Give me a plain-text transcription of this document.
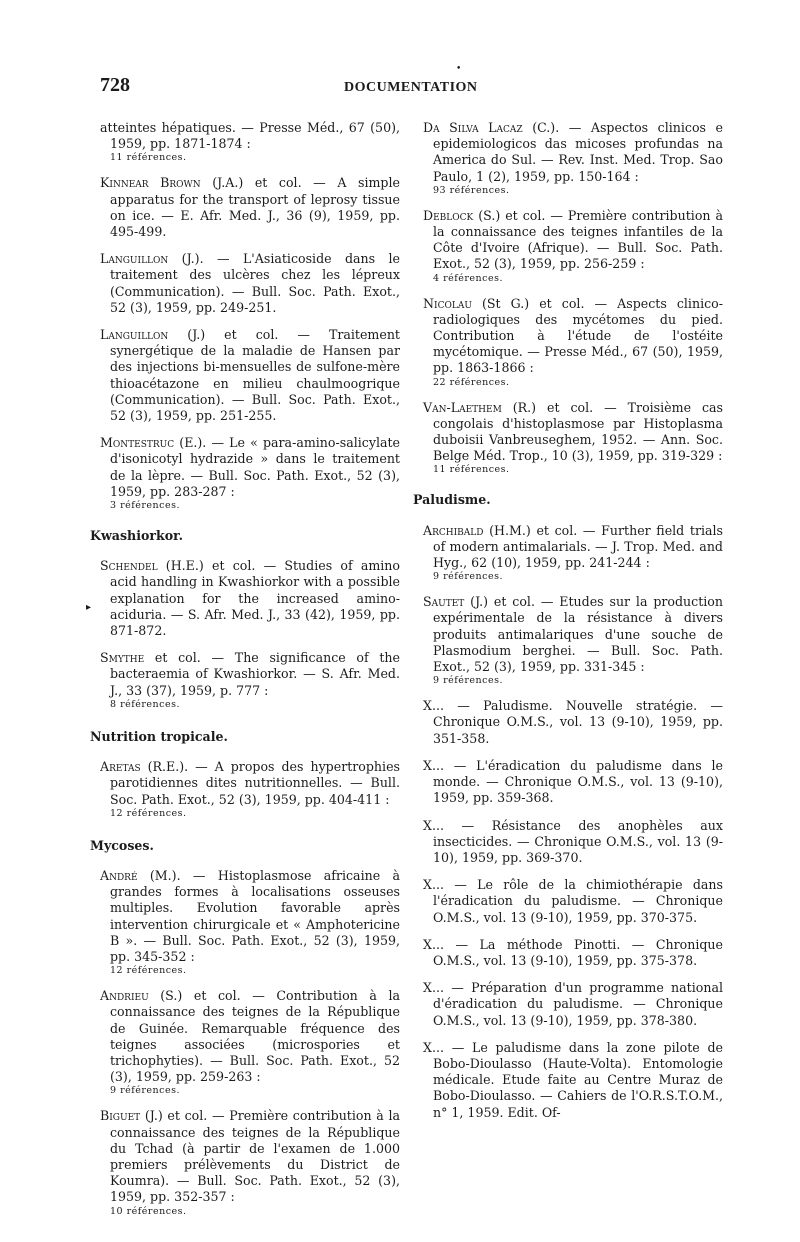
728	DOCUMENTATION
•
▸

atteintes hépatiques. — Presse Méd., 67 (50), 1959, pp. 1871-1874 :
11 références.

Kinnear Brown (J.A.) et col. — A simple apparatus for the transport of leprosy tissue on ice. — E. Afr. Med. J., 36 (9), 1959, pp. 495-499.

Languillon (J.). — L'Asiaticoside dans le traitement des ulcères chez les lépreux (Communication). — Bull. Soc. Path. Exot., 52 (3), 1959, pp. 249-251.

Languillon (J.) et col. — Traitement synergétique de la maladie de Hansen par des injections bi-mensuelles de sulfone-mère thioacétazone en milieu chaulmoogrique (Communication). — Bull. Soc. Path. Exot., 52 (3), 1959, pp. 251-255.

Montestruc (E.). — Le « para-amino-salicylate d'isonicotyl hydrazide » dans le traitement de la lèpre. — Bull. Soc. Path. Exot., 52 (3), 1959, pp. 283-287 :
3 références.

Kwashiorkor.

Schendel (H.E.) et col. — Studies of amino acid handling in Kwashiorkor with a possible explanation for the increased amino-aciduria. — S. Afr. Med. J., 33 (42), 1959, pp. 871-872.

Smythe et col. — The significance of the bacteraemia of Kwashiorkor. — S. Afr. Med. J., 33 (37), 1959, p. 777 :
8 références.

Nutrition tropicale.

Aretas (R.E.). — A propos des hypertrophies parotidiennes dites nutritionnelles. — Bull. Soc. Path. Exot., 52 (3), 1959, pp. 404-411 :
12 références.

Mycoses.

André (M.). — Histoplasmose africaine à grandes formes à localisations osseuses multiples. Evolution favorable après intervention chirurgicale et « Amphotericine B ». — Bull. Soc. Path. Exot., 52 (3), 1959, pp. 345-352 :
12 références.

Andrieu (S.) et col. — Contribution à la connaissance des teignes de la République de Guinée. Remarquable fréquence des teignes associées (microspories et trichophyties). — Bull. Soc. Path. Exot., 52 (3), 1959, pp. 259-263 :
9 références.

Biguet (J.) et col. — Première contribution à la connaissance des teignes de la République du Tchad (à partir de l'examen de 1.000 premiers prélèvements du District de Koumra). — Bull. Soc. Path. Exot., 52 (3), 1959, pp. 352-357 :
10 références.

Da Silva Lacaz (C.). — Aspectos clinicos e epidemiologicos das micoses profundas na America do Sul. — Rev. Inst. Med. Trop. Sao Paulo, 1 (2), 1959, pp. 150-164 :
93 références.

Deblock (S.) et col. — Première contribution à la connaissance des teignes infantiles de la Côte d'Ivoire (Afrique). — Bull. Soc. Path. Exot., 52 (3), 1959, pp. 256-259 :
4 références.

Nicolau (St G.) et col. — Aspects clinico-radiologiques des mycétomes du pied. Contribution à l'étude de l'ostéite mycétomique. — Presse Méd., 67 (50), 1959, pp. 1863-1866 :
22 références.

Van-Laethem (R.) et col. — Troisième cas congolais d'histoplasmose par Histoplasma duboisii Vanbreuseghem, 1952. — Ann. Soc. Belge Méd. Trop., 10 (3), 1959, pp. 319-329 :
11 références.

Paludisme.

Archibald (H.M.) et col. — Further field trials of modern antimalarials. — J. Trop. Med. and Hyg., 62 (10), 1959, pp. 241-244 :
9 références.

Sautet (J.) et col. — Etudes sur la production expérimentale de la résistance à divers produits antimalariques d'une souche de Plasmodium berghei. — Bull. Soc. Path. Exot., 52 (3), 1959, pp. 331-345 :
9 références.

X... — Paludisme. Nouvelle stratégie. — Chronique O.M.S., vol. 13 (9-10), 1959, pp. 351-358.

X... — L'éradication du paludisme dans le monde. — Chronique O.M.S., vol. 13 (9-10), 1959, pp. 359-368.

X... — Résistance des anophèles aux insecticides. — Chronique O.M.S., vol. 13 (9-10), 1959, pp. 369-370.

X... — Le rôle de la chimiothérapie dans l'éradication du paludisme. — Chronique O.M.S., vol. 13 (9-10), 1959, pp. 370-375.

X... — La méthode Pinotti. — Chronique O.M.S., vol. 13 (9-10), 1959, pp. 375-378.

X... — Préparation d'un programme national d'éradication du paludisme. — Chronique O.M.S., vol. 13 (9-10), 1959, pp. 378-380.

X... — Le paludisme dans la zone pilote de Bobo-Dioulasso (Haute-Volta). Entomologie médicale. Etude faite au Centre Muraz de Bobo-Dioulasso. — Cahiers de l'O.R.S.T.O.M., n° 1, 1959. Edit. Of-
